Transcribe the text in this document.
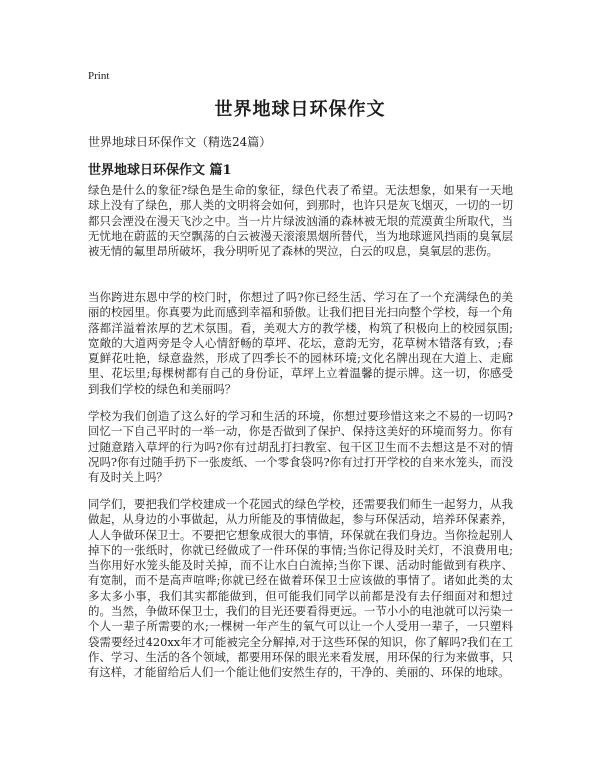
Print
世界地球日环保作文

世界地球日环保作文（精选24篇）

世界地球日环保作文 篇1

绿色是什么的象征?绿色是生命的象征，绿色代表了希望。无法想象，如果有一天地球上没有了绿色，那人类的文明将会如何，到那时，也许只是灰飞烟灭，一切的一切都只会湮没在漫天飞沙之中。当一片片绿波汹涌的森林被无垠的荒漠黄尘所取代，当无忧地在蔚蓝的天空飘荡的白云被漫天滚滚黑烟所替代，当为地球遮风挡雨的臭氧层被无情的氟里昂所破坏，我分明听见了森林的哭泣，白云的叹息，臭氧层的悲伤。

当你跨进东恩中学的校门时，你想过了吗?你已经生活、学习在了一个充满绿色的美丽的校园里。你真要为此而感到幸福和骄傲。让我们把目光扫向整个学校，每一个角落都洋溢着浓厚的艺术氛围。看，美观大方的教学楼，构筑了积极向上的校园氛围;宽敞的大道两旁是令人心情舒畅的草坪、花坛，意韵无穷，花草树木错落有致，;春夏鲜花吐艳，绿意盎然，形成了四季长不的园林环境;文化名牌出现在大道上、走廊里、花坛里;每棵树都有自己的身份证，草坪上立着温馨的提示牌。这一切，你感受到我们学校的绿色和美丽吗？

学校为我们创造了这么好的学习和生活的环境，你想过要珍惜这来之不易的一切吗?回忆一下自己平时的一举一动，你是否做到了保护、保持这美好的环境而努力。你有过随意踏入草坪的行为吗?你有过胡乱打扫教室、包干区卫生而不去想这是不对的情况吗?你有过随手扔下一张废纸、一个零食袋吗?你有过打开学校的自来水笼头，而没有及时关上吗？

同学们，要把我们学校建成一个花园式的绿色学校，还需要我们师生一起努力，从我做起，从身边的小事做起，从力所能及的事情做起，参与环保活动，培养环保素养，人人争做环保卫士。不要把它想象成很大的事情，环保就在我们身边。当你捡起别人掉下的一张纸时，你就已经做成了一件环保的事情;当你记得及时关灯，不浪费用电;当你用好水笼头能及时关掉，而不让水白白流掉;当你下课、活动时能做到有秩序、有宽制，而不是高声喧哗;你就已经在做着环保卫士应该做的事情了。诸如此类的太多太多小事，我们其实都能做到，但可能我们同学以前都是没有去仔细面对和想过的。当然，争做环保卫士，我们的目光还要看得更远。一节小小的电池就可以污染一个人一辈子所需要的水;一棵树一年产生的氧气可以让一个人受用一辈子，一只塑料袋需要经过420xx年才可能被完全分解掉,对于这些环保的知识，你了解吗?我们在工作、学习、生活的各个领域，都要用环保的眼光来看发展，用环保的行为来做事，只有这样，才能留给后人们一个能让他们安然生存的，干净的、美丽的、环保的地球。
